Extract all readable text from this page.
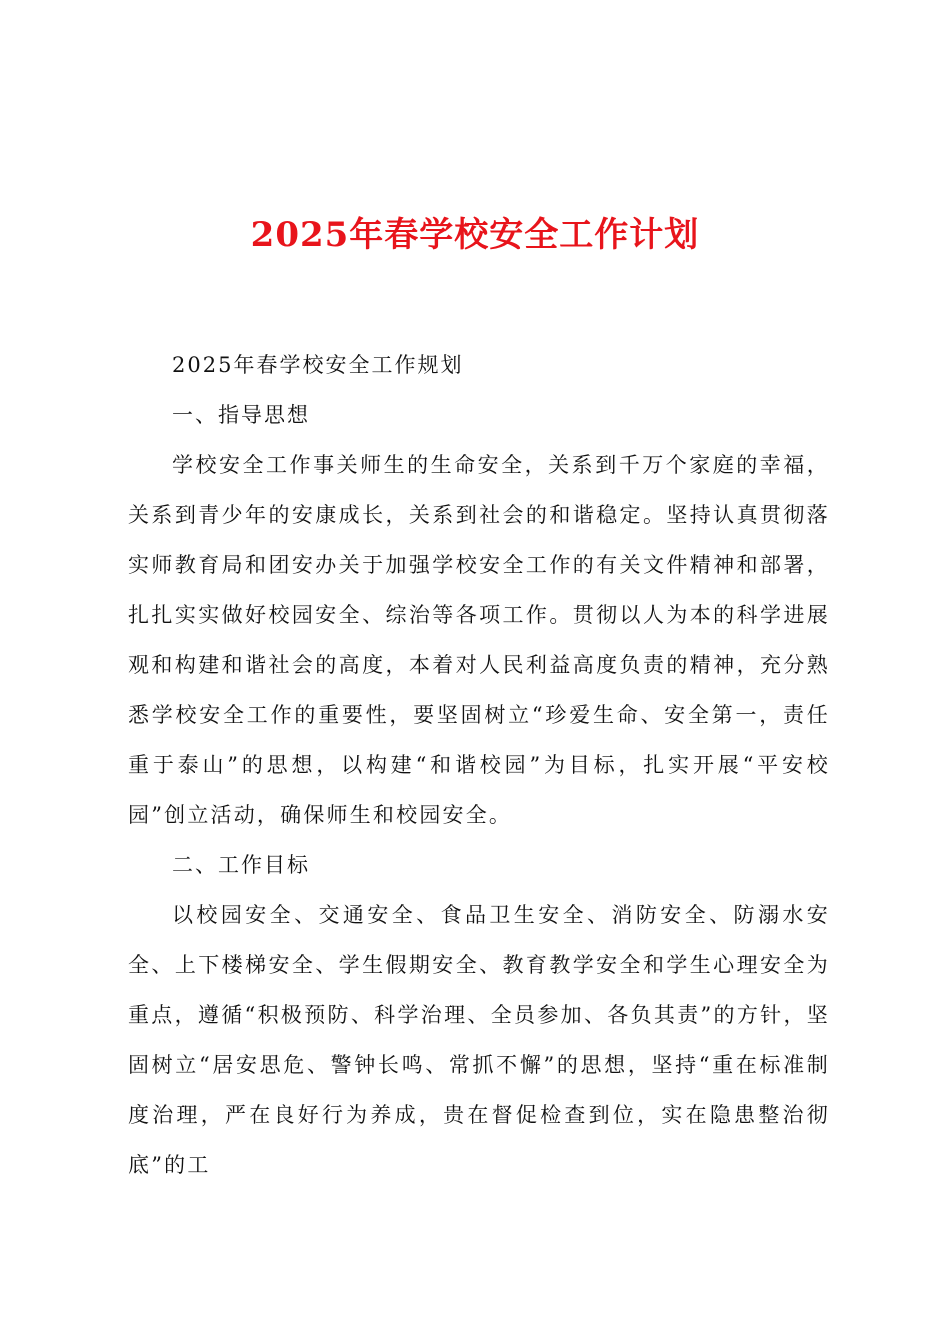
2025年春学校安全工作计划

2025年春学校安全工作规划

一、指导思想

学校安全工作事关师生的生命安全，关系到千万个家庭的幸福，关系到青少年的安康成长，关系到社会的和谐稳定。坚持认真贯彻落实师教育局和团安办关于加强学校安全工作的有关文件精神和部署，扎扎实实做好校园安全、综治等各项工作。贯彻以人为本的科学进展观和构建和谐社会的高度，本着对人民利益高度负责的精神，充分熟悉学校安全工作的重要性，要坚固树立“珍爱生命、安全第一，责任重于泰山”的思想，以构建“和谐校园”为目标，扎实开展“平安校园”创立活动，确保师生和校园安全。

二、工作目标

以校园安全、交通安全、食品卫生安全、消防安全、防溺水安全、上下楼梯安全、学生假期安全、教育教学安全和学生心理安全为重点，遵循“积极预防、科学治理、全员参加、各负其责”的方针，坚固树立“居安思危、警钟长鸣、常抓不懈”的思想，坚持“重在标准制度治理，严在良好行为养成，贵在督促检查到位，实在隐患整治彻底”的工
